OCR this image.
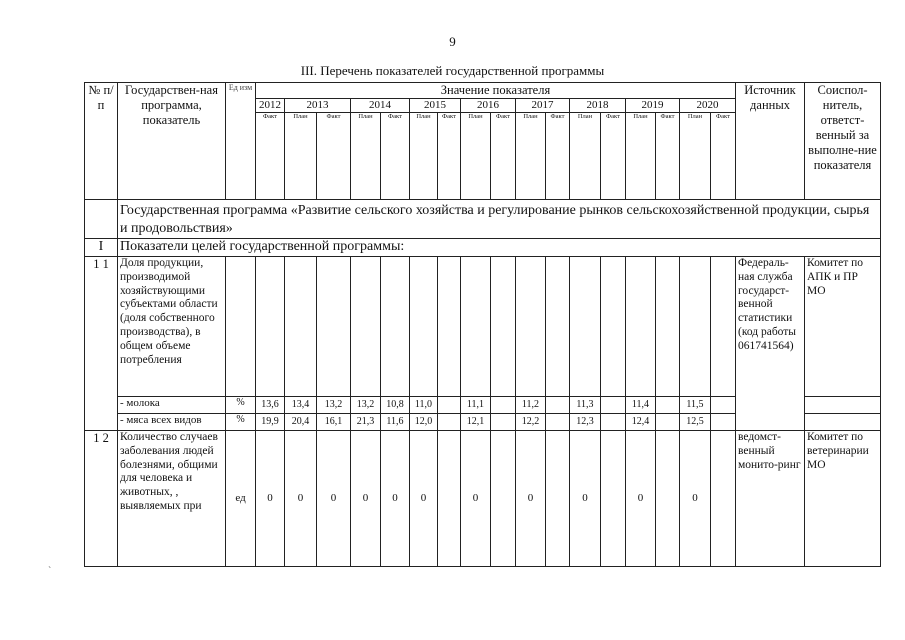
9
III. Перечень показателей государственной программы
`
№ п/п	Государствен-ная программа, показатель	Ед изм	Значение показателя																	Источник данных	Соиспол-нитель, ответст-венный за выполне-ние показателя
			2012	2013		2014		2015		2016		2017		2018		2019		2020			
			Факт	План	Факт	План	Факт	План	Факт	План	Факт	План	Факт	План	Факт	План	Факт	План	Факт		
	Государственная программа «Развитие сельского хозяйства и регулирование рынков сельскохозяйственной продукции, сырья и продовольствия»																				
I	Показатели целей государственной программы:																				
1 1	Доля продукции, производимой хозяйствующими субъектами области (доля собственного производства), в общем объеме потребления																			Федераль-ная служба государст-венной статистики (код работы 061741564)	Комитет по АПК и ПР МО
	- молока	%	13,6	13,4	13,2	13,2	10,8	11,0		11,1		11,2		11,3		11,4		11,5			
	- мяса всех видов	%	19,9	20,4	16,1	21,3	11,6	12,0		12,1		12,2		12,3		12,4		12,5			
1 2	Количество случаев заболевания людей болезнями, общими для человека и животных, , выявляемых при	ед	0	0	0	0	0	0		0		0		0		0		0		ведомст-венный монито-ринг	Комитет по ветеринарии МО
